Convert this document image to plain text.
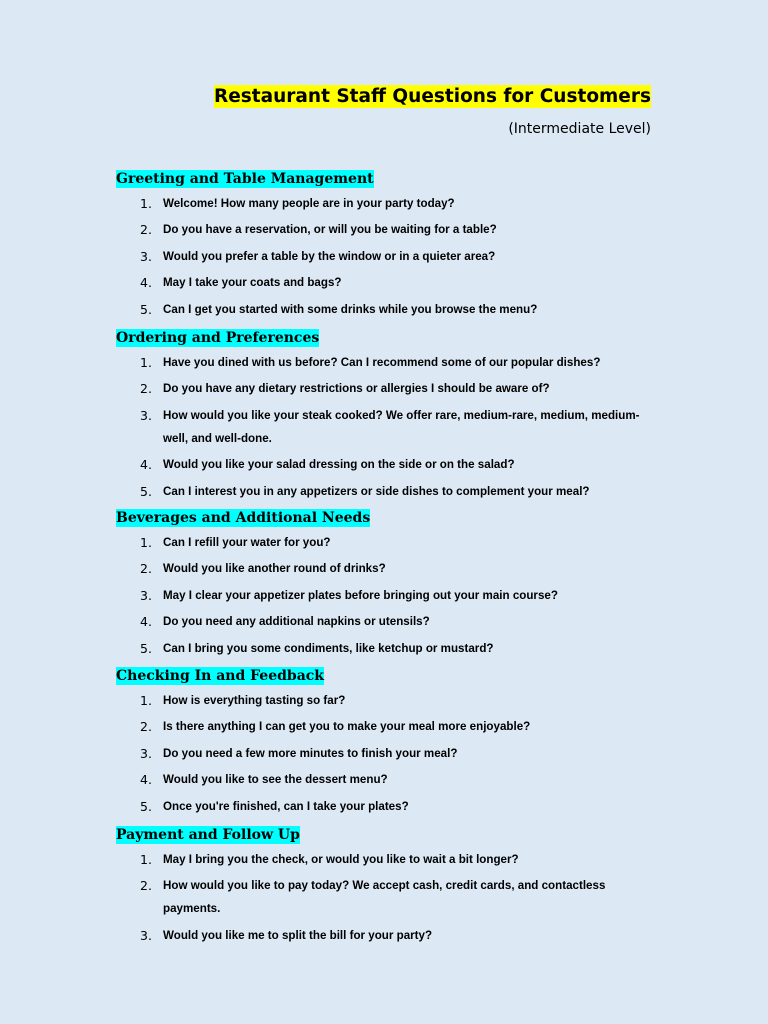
Restaurant Staff Questions for Customers
(Intermediate Level)
Greeting and Table Management
1. Welcome! How many people are in your party today?
2. Do you have a reservation, or will you be waiting for a table?
3. Would you prefer a table by the window or in a quieter area?
4. May I take your coats and bags?
5. Can I get you started with some drinks while you browse the menu?
Ordering and Preferences
1. Have you dined with us before? Can I recommend some of our popular dishes?
2. Do you have any dietary restrictions or allergies I should be aware of?
3. How would you like your steak cooked? We offer rare, medium-rare, medium, medium-well, and well-done.
4. Would you like your salad dressing on the side or on the salad?
5. Can I interest you in any appetizers or side dishes to complement your meal?
Beverages and Additional Needs
1. Can I refill your water for you?
2. Would you like another round of drinks?
3. May I clear your appetizer plates before bringing out your main course?
4. Do you need any additional napkins or utensils?
5. Can I bring you some condiments, like ketchup or mustard?
Checking In and Feedback
1. How is everything tasting so far?
2. Is there anything I can get you to make your meal more enjoyable?
3. Do you need a few more minutes to finish your meal?
4. Would you like to see the dessert menu?
5. Once you're finished, can I take your plates?
Payment and Follow Up
1. May I bring you the check, or would you like to wait a bit longer?
2. How would you like to pay today? We accept cash, credit cards, and contactless payments.
3. Would you like me to split the bill for your party?
